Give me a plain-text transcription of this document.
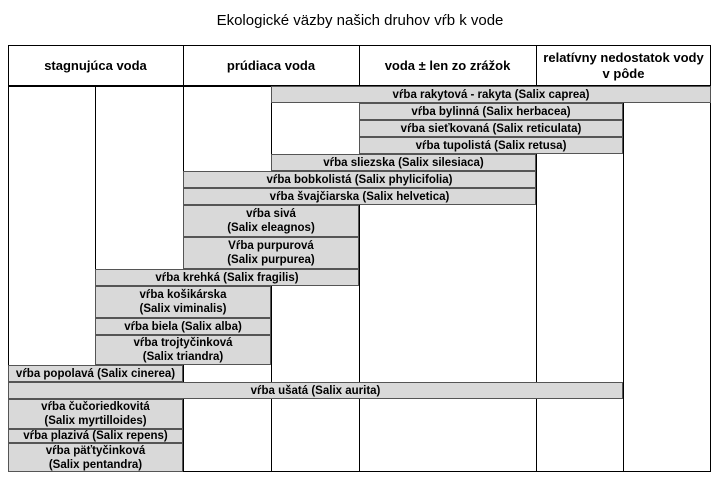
Ekologické väzby našich druhov vŕb k vode
stagnujúca voda	prúdiaca voda	voda ± len zo zrážok
relatívny nedostatok vody v pôde
vŕba rakytová - rakyta (Salix caprea)
vŕba bylinná (Salix herbacea)
vŕba sieťkovaná (Salix reticulata)
vŕba tupolistá (Salix retusa)
vŕba sliezska (Salix silesiaca)
vŕba bobkolistá (Salix phylicifolia)
vŕba švajčiarska (Salix helvetica)
vŕba sivá
(Salix eleagnos)
Vŕba purpurová
(Salix purpurea)
vŕba krehká (Salix fragilis)
vŕba košikárska
(Salix viminalis)
vŕba biela (Salix alba)
vŕba trojtyčinková
(Salix triandra)
vŕba popolavá (Salix cinerea)
vŕba ušatá (Salix aurita)
vŕba čučoriedkovitá
(Salix myrtilloides)
vŕba plazivá (Salix repens)
vŕba päťtyčinková
(Salix pentandra)
